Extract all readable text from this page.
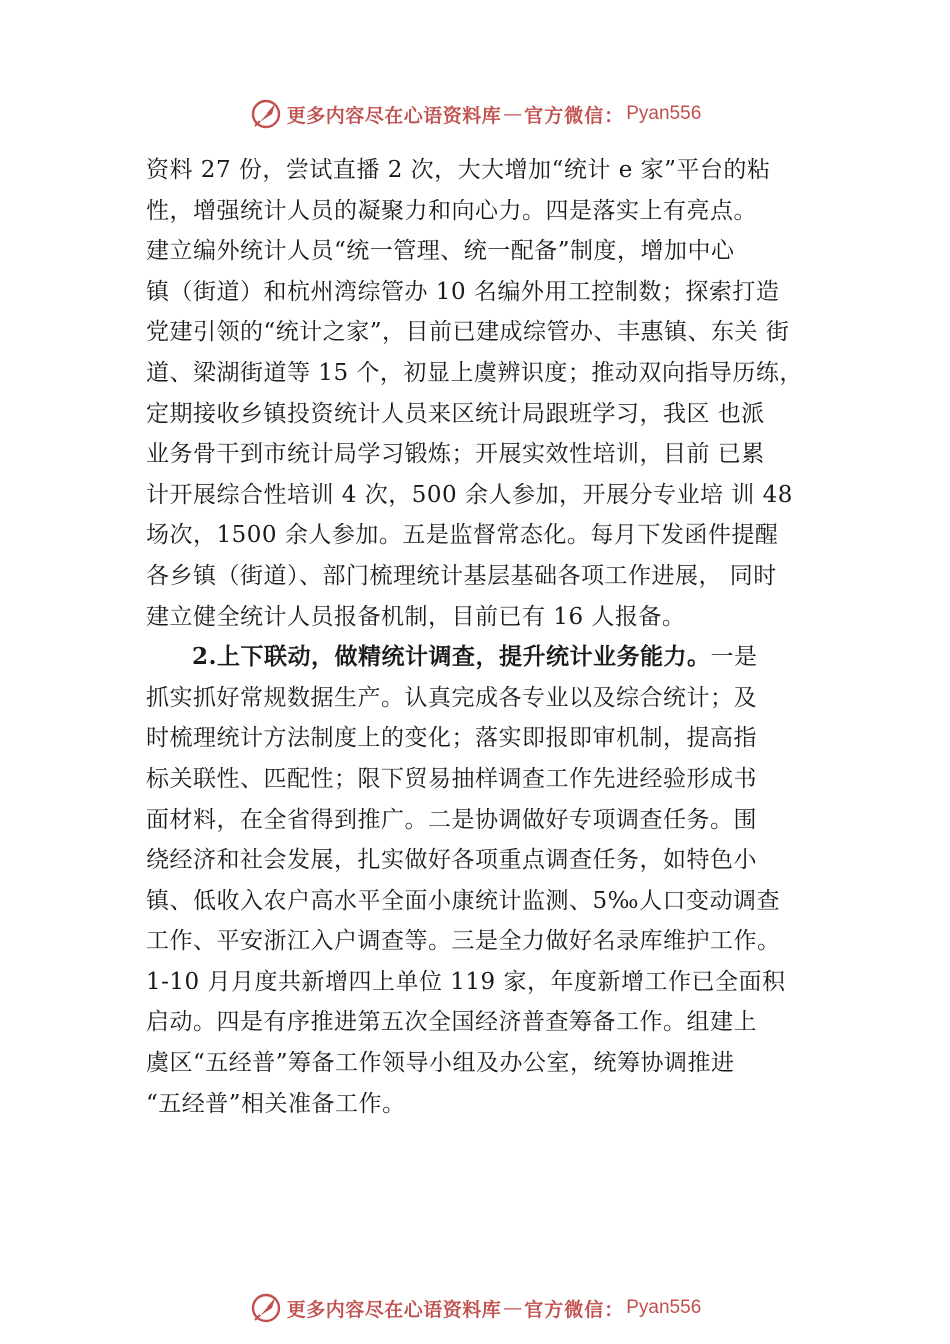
更多内容尽在心语资料库 — 官方微信： Pyan556
资料 27 份，尝试直播 2 次，大大增加“统计 e 家”平台的粘
性，增强统计人员的凝聚力和向心力。四是落实上有亮点。
建立编外统计人员“统一管理、统一配备”制度，增加中心
镇（街道）和杭州湾综管办 10 名编外用工控制数；探索打造
党建引领的“统计之家”，目前已建成综管办、丰惠镇、东关 街
道、梁湖街道等 15 个，初显上虞辨识度；推动双向指导历练，
定期接收乡镇投资统计人员来区统计局跟班学习，我区 也派
业务骨干到市统计局学习锻炼；开展实效性培训，目前 已累
计开展综合性培训 4 次，500 余人参加，开展分专业培 训 48
场次，1500 余人参加。五是监督常态化。每月下发函件提醒
各乡镇（街道）、部门梳理统计基层基础各项工作进展， 同时
建立健全统计人员报备机制，目前已有 16 人报备。
2.上下联动，做精统计调查，提升统计业务能力。一是
抓实抓好常规数据生产。认真完成各专业以及综合统计；及
时梳理统计方法制度上的变化；落实即报即审机制，提高指
标关联性、匹配性；限下贸易抽样调查工作先进经验形成书
面材料，在全省得到推广。二是协调做好专项调查任务。围
绕经济和社会发展，扎实做好各项重点调查任务，如特色小
镇、低收入农户高水平全面小康统计监测、5‰人口变动调查
工作、平安浙江入户调查等。三是全力做好名录库维护工作。
1-10 月月度共新增四上单位 119 家，年度新增工作已全面积
启动。四是有序推进第五次全国经济普查筹备工作。组建上
虞区“五经普”筹备工作领导小组及办公室，统筹协调推进
“五经普”相关准备工作。
更多内容尽在心语资料库 — 官方微信： Pyan556
